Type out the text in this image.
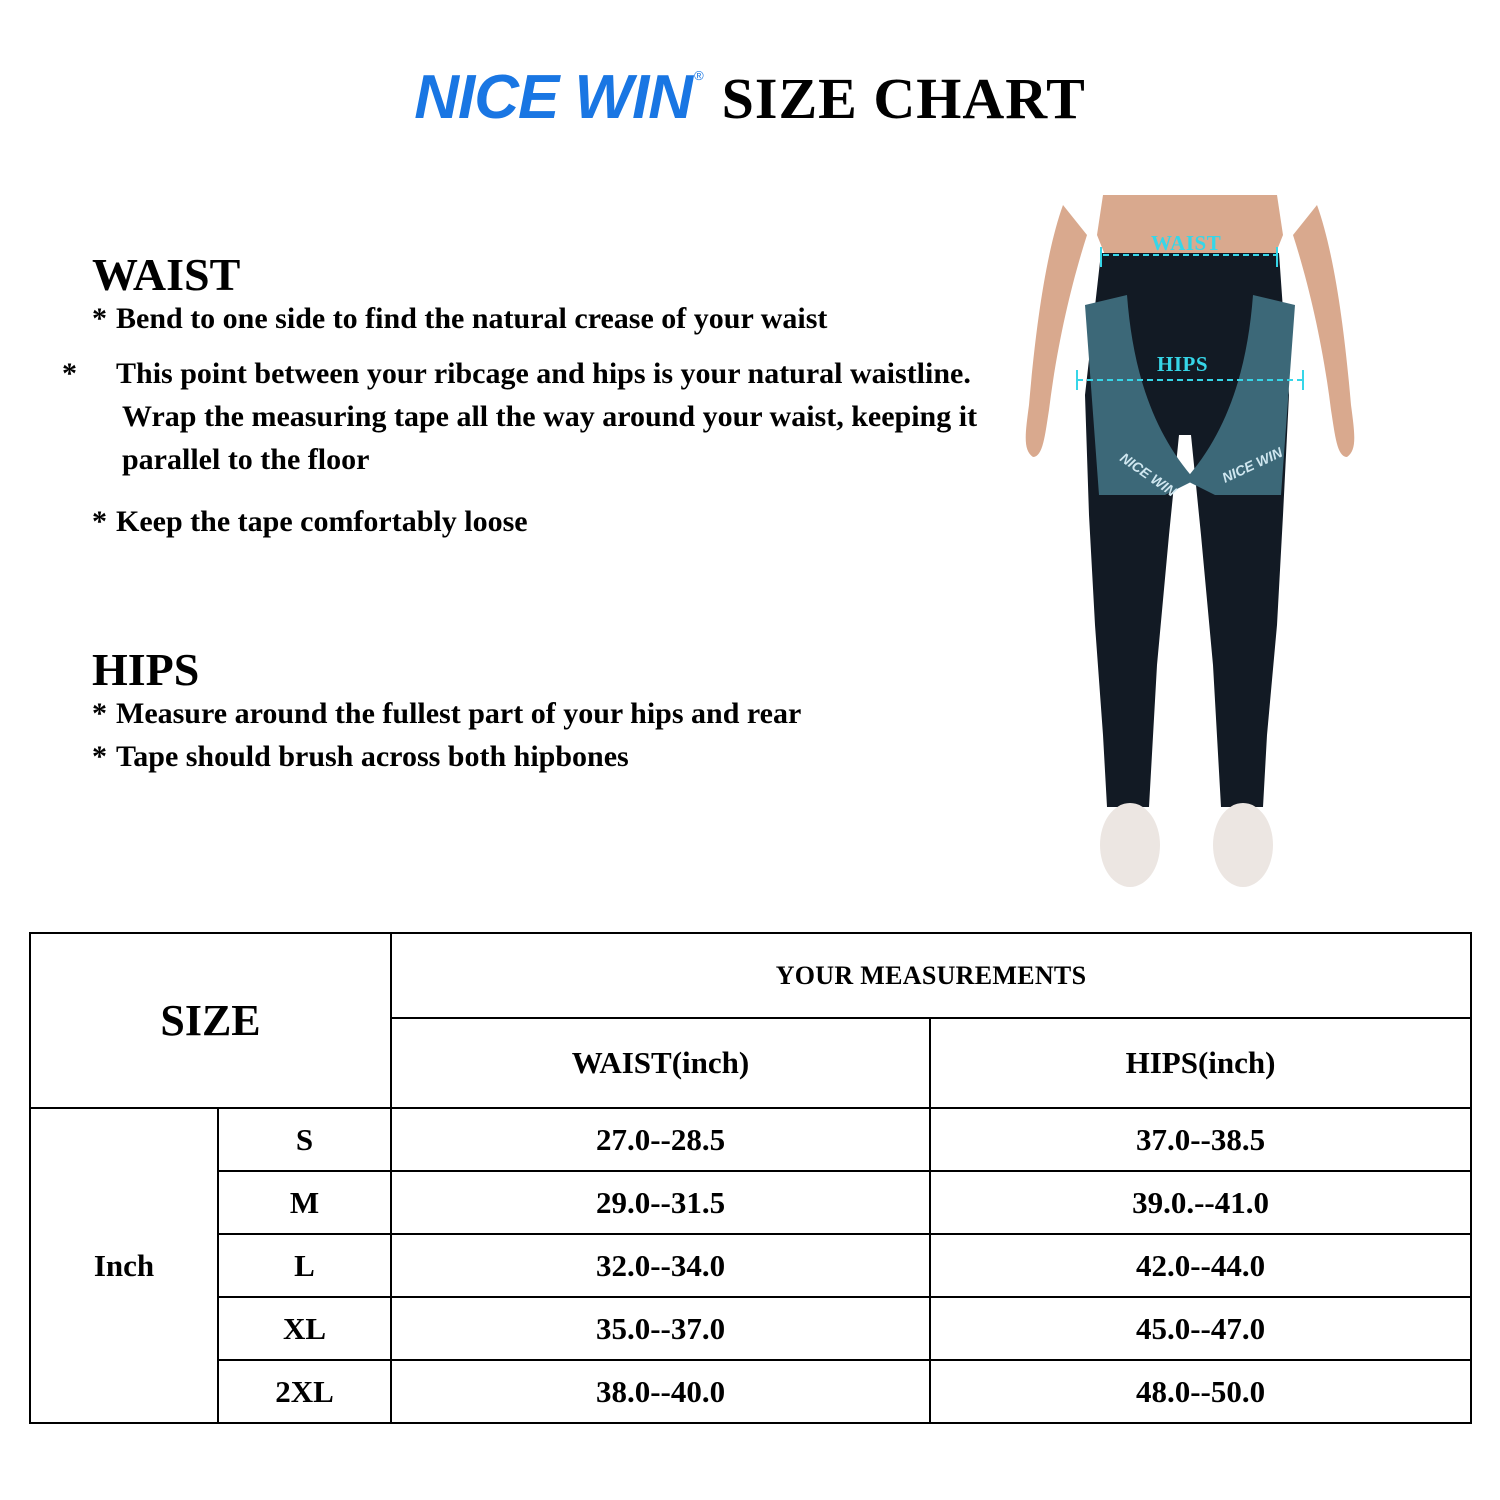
NICE WIN ® SIZE CHART
WAIST
* Bend to one side to find the natural crease of your waist
* This point between your ribcage and hips is your natural waistline. Wrap the measuring tape all the way around your waist, keeping it parallel to the floor
* Keep the tape comfortably loose
HIPS
* Measure around the fullest part of your hips and rear
* Tape should brush across both hipbones
NICE WIN	NICE WIN
WAIST
HIPS
SIZE		YOUR MEASUREMENTS	
		WAIST(inch)	HIPS(inch)
Inch	S	27.0--28.5	37.0--38.5
	M	29.0--31.5	39.0.--41.0
	L	32.0--34.0	42.0--44.0
	XL	35.0--37.0	45.0--47.0
	2XL	38.0--40.0	48.0--50.0
